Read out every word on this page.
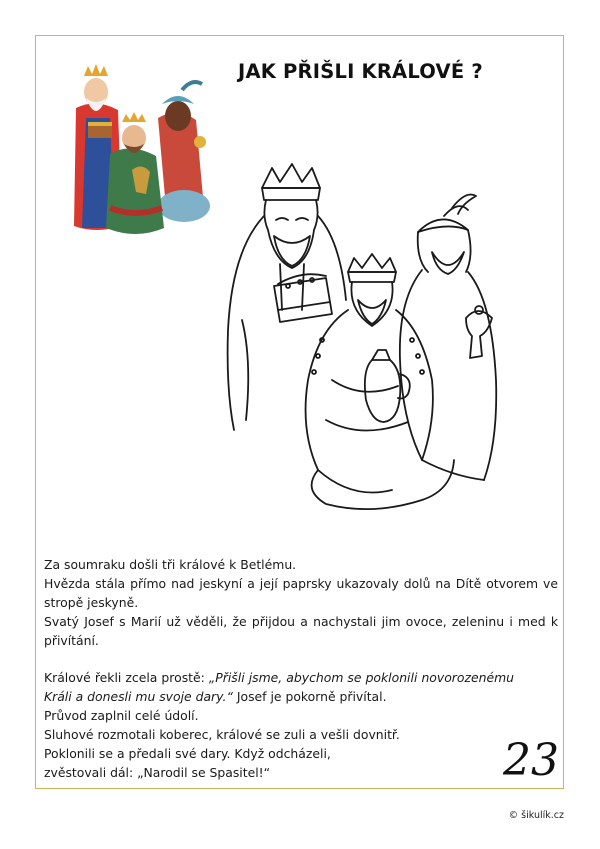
JAK PŘIŠLI KRÁLOVÉ ?

Za soumraku došli tři králové k Betlému.

Hvězda stála přímo nad jeskyní a její paprsky ukazovaly dolů na Dítě otvorem ve stropě jeskyně.

Svatý Josef s Marií už věděli, že přijdou a nachystali jim ovoce, zeleninu i med k přivítání.

Králové řekli zcela prostě: „Přišli jsme, abychom se poklonili novorozenému Králi a donesli mu svoje dary.“ Josef je pokorně přivítal.

Průvod zaplnil celé údolí.

Sluhové rozmotali koberec, králové se zuli a vešli dovnitř.

Poklonili se a předali své dary. Když odcházeli,

zvěstovali dál: „Narodil se Spasitel!“	23
© šikulík.cz
